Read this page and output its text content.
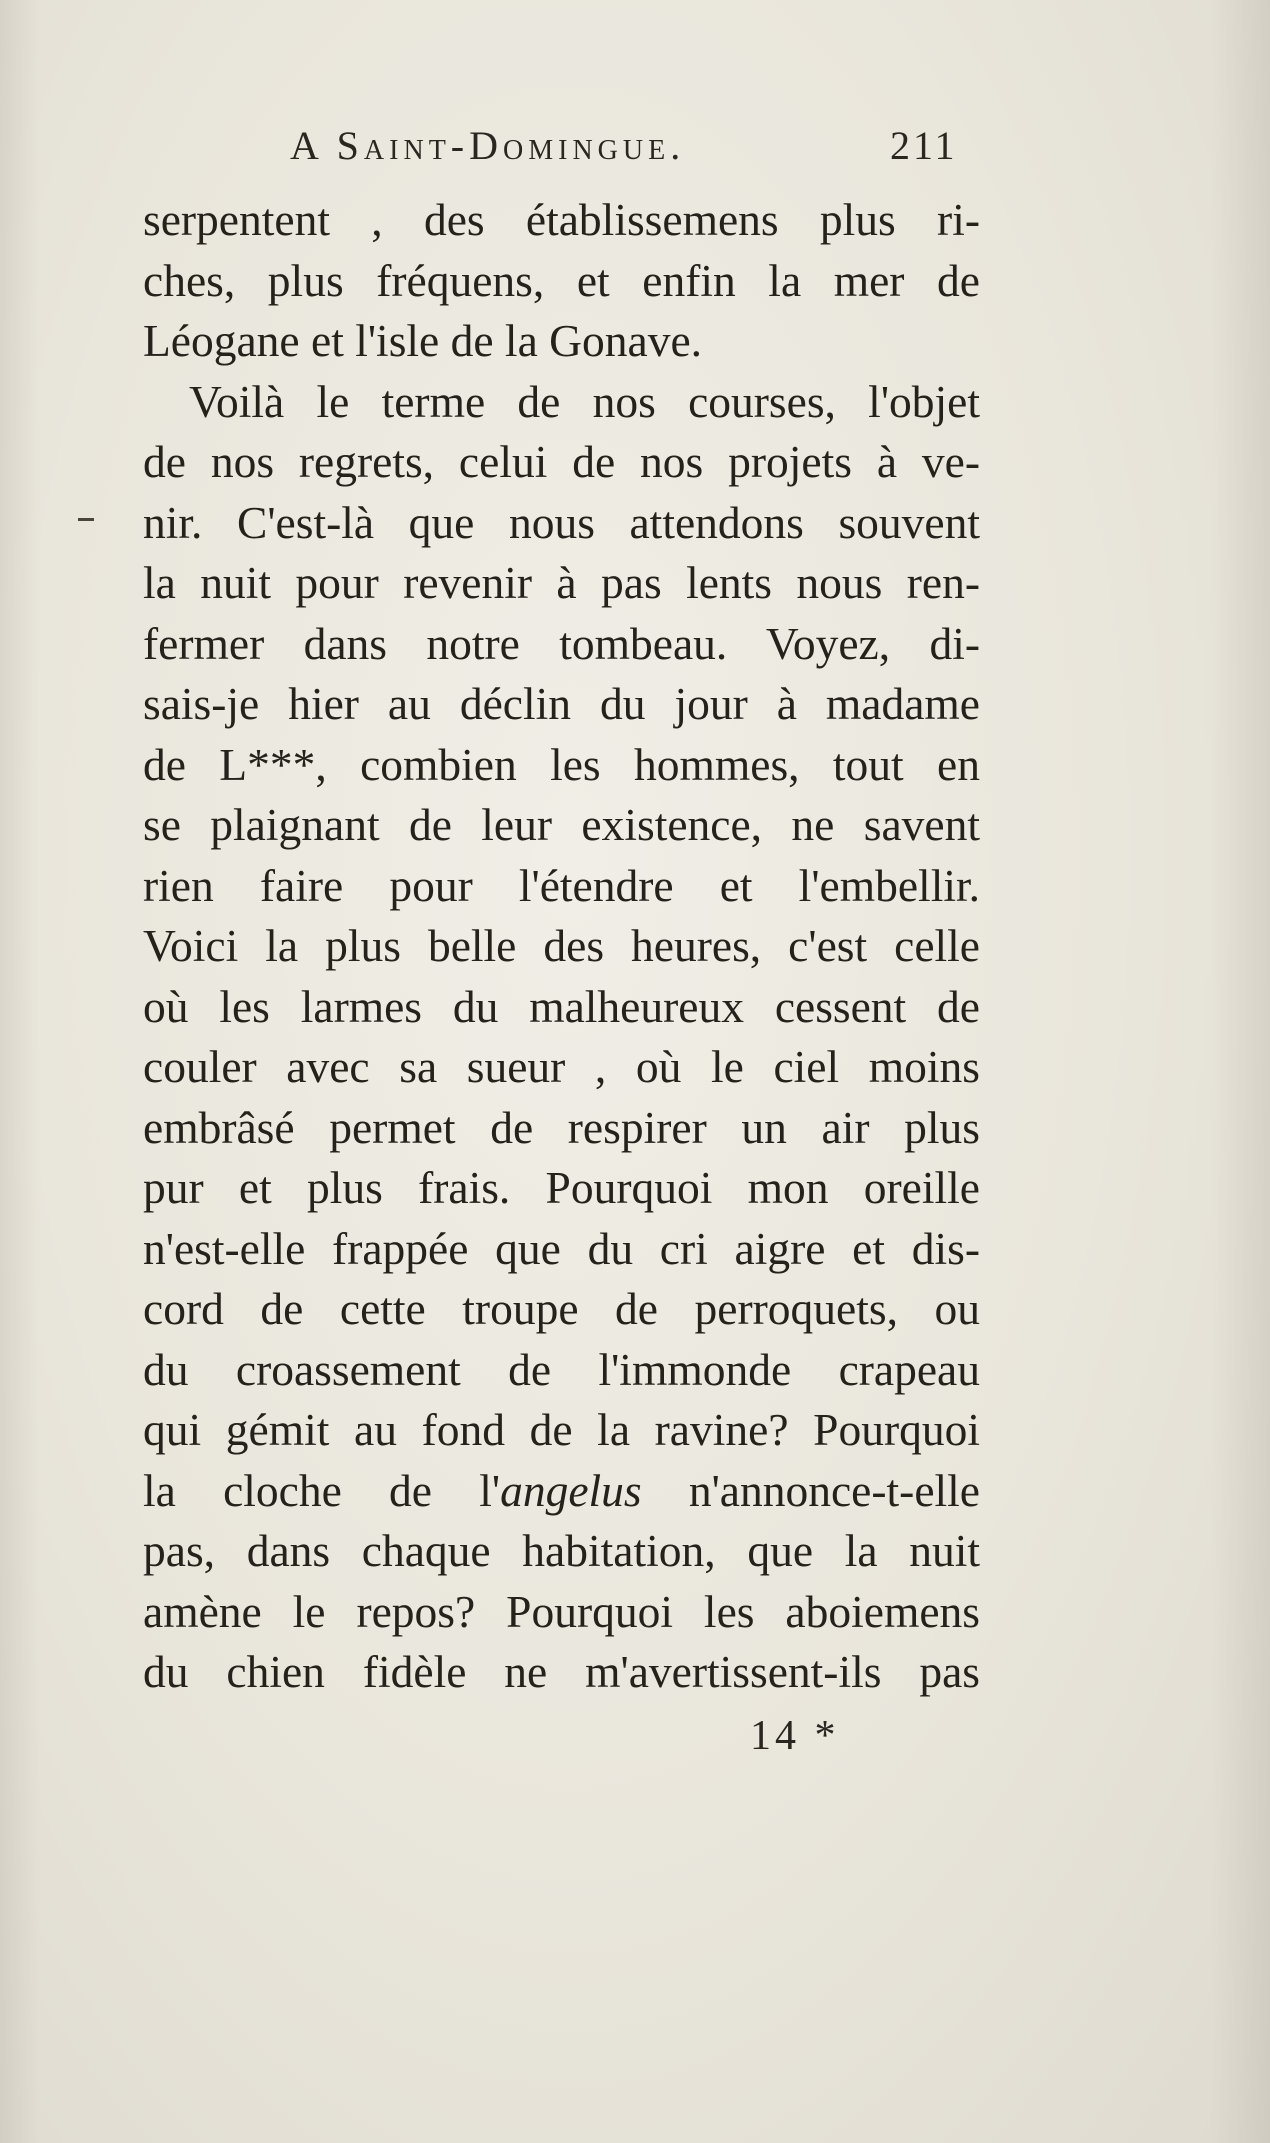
A Saint-Domingue.	211
serpentent , des établissemens plus ri-
ches, plus fréquens, et enfin la mer de
Léogane et l'isle de la Gonave.
Voilà le terme de nos courses, l'objet
de nos regrets, celui de nos projets à ve-
nir. C'est-là que nous attendons souvent
la nuit pour revenir à pas lents nous ren-
fermer dans notre tombeau. Voyez, di-
sais-je hier au déclin du jour à madame
de L***, combien les hommes, tout en
se plaignant de leur existence, ne savent
rien faire pour l'étendre et l'embellir.
Voici la plus belle des heures, c'est celle
où les larmes du malheureux cessent de
couler avec sa sueur , où le ciel moins
embrâsé permet de respirer un air plus
pur et plus frais. Pourquoi mon oreille
n'est-elle frappée que du cri aigre et dis-
cord de cette troupe de perroquets, ou
du croassement de l'immonde crapeau
qui gémit au fond de la ravine? Pourquoi
la cloche de l'angelus n'annonce-t-elle
pas, dans chaque habitation, que la nuit
amène le repos? Pourquoi les aboiemens
du chien fidèle ne m'avertissent-ils pas
14 *
